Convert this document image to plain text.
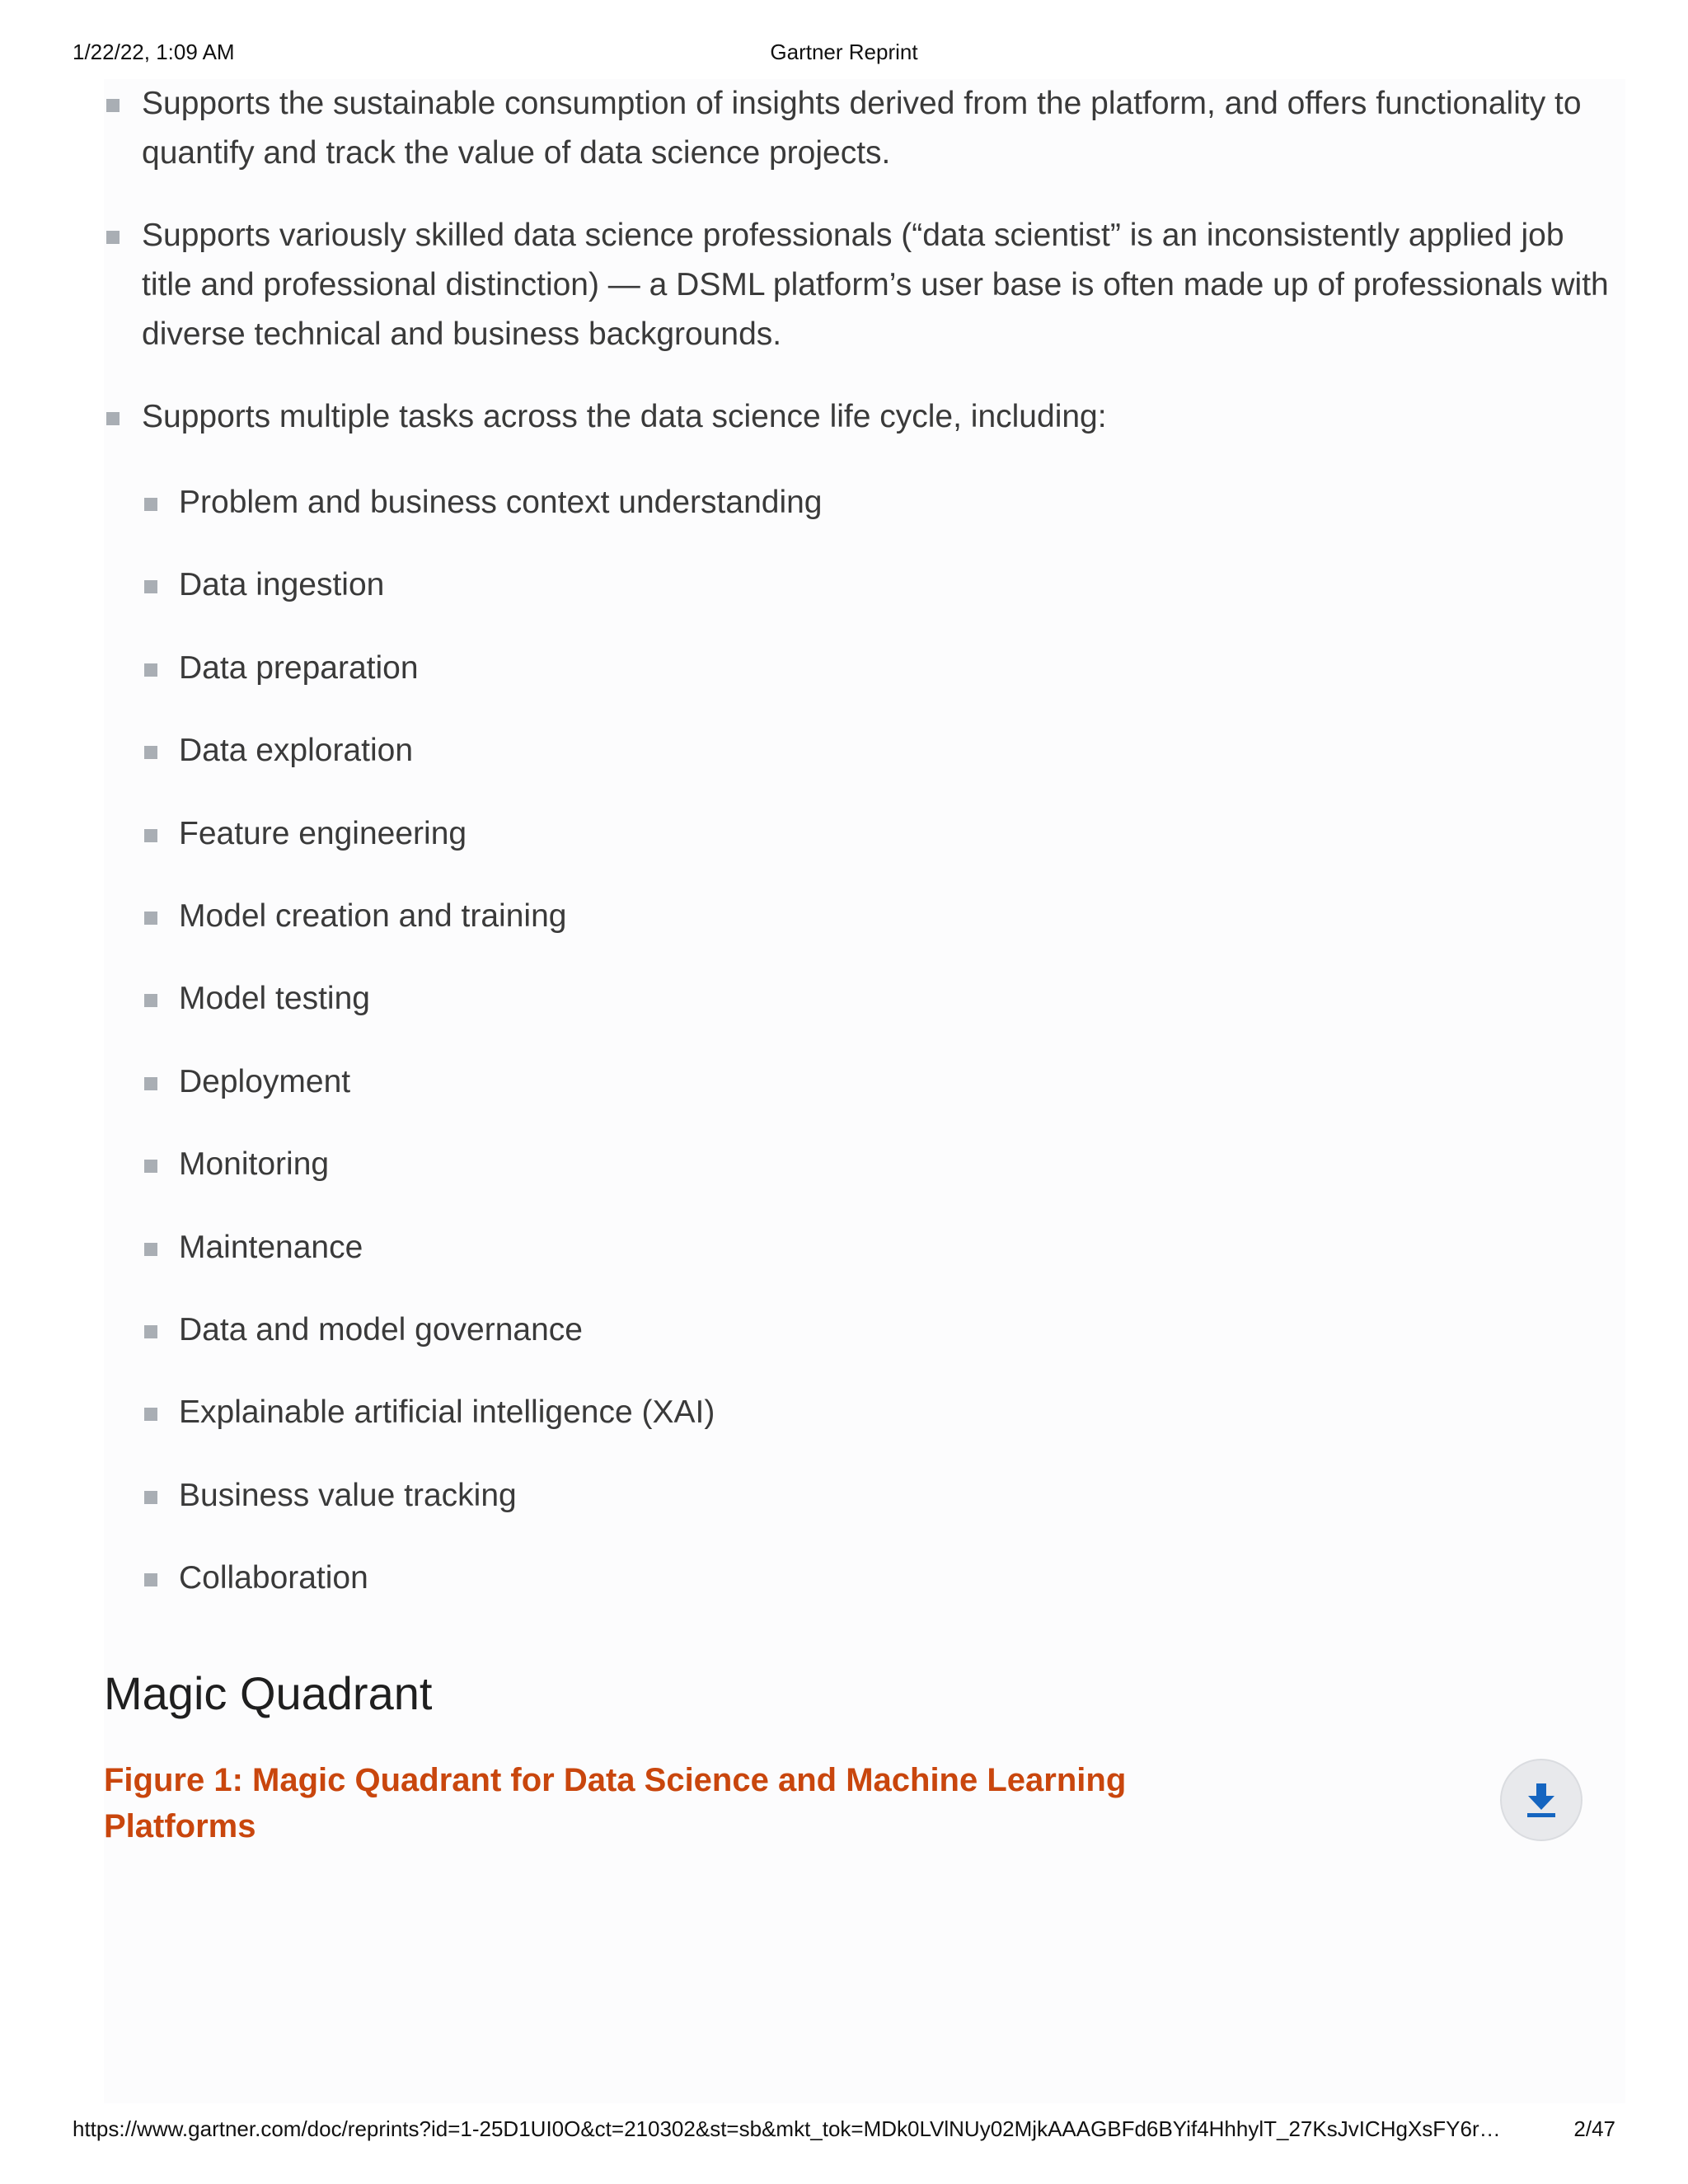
1/22/22, 1:09 AM	Gartner Reprint
Supports the sustainable consumption of insights derived from the platform, and offers functionality to quantify and track the value of data science projects.
Supports variously skilled data science professionals (“data scientist” is an inconsistently applied job title and professional distinction) — a DSML platform’s user base is often made up of professionals with diverse technical and business backgrounds.
Supports multiple tasks across the data science life cycle, including:
Problem and business context understanding
Data ingestion
Data preparation
Data exploration
Feature engineering
Model creation and training
Model testing
Deployment
Monitoring
Maintenance
Data and model governance
Explainable artificial intelligence (XAI)
Business value tracking
Collaboration
Magic Quadrant
Figure 1: Magic Quadrant for Data Science and Machine Learning Platforms
https://www.gartner.com/doc/reprints?id=1-25D1UI0O&ct=210302&st=sb&mkt_tok=MDk0LVlNUy02MjkAAAGBFd6BYif4HhhylT_27KsJvICHgXsFY6r…	2/47
